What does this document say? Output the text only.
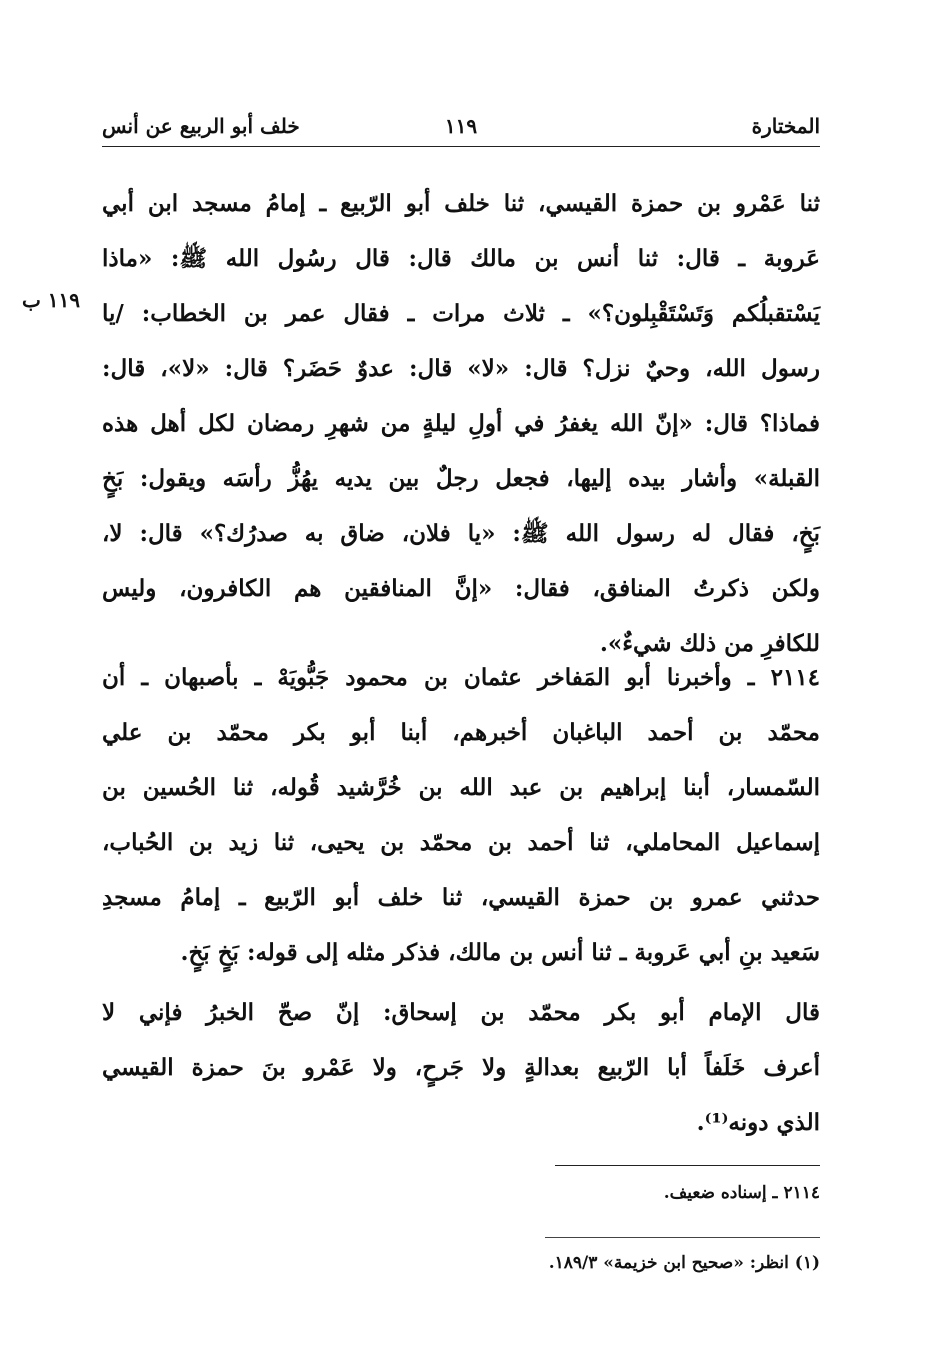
المختارة
١١٩
خلف أبو الربيع عن أنس
١١٩ ب
ثنا عَمْرو بن حمزة القيسي، ثنا خلف أبو الرّبيع ـ إمامُ مسجد ابن أبي
عَروبة ـ قال: ثنا أنس بن مالك قال: قال رسُول الله ﷺ: «ماذا
يَسْتقبلُكم وَتَسْتَقْبِلون؟» ـ ثلاث مرات ـ فقال عمر بن الخطاب: /يا
رسول الله، وحيٌ نزل؟ قال: «لا» قال: عدوٌ حَضَر؟ قال: «لا»، قال:
فماذا؟ قال: «إنّ الله يغفرُ في أولِ ليلةٍ من شهرِ رمضان لكل أهل هذه
القبلة» وأشار بيده إليها، فجعل رجلٌ بين يديه يهُزُّ رأسَه ويقول: بَخٍ
بَخٍ، فقال له رسول الله ﷺ: «يا فلان، ضاق به صدرُك؟» قال: لا،
ولكن ذكرتُ المنافق، فقال: «إنَّ المنافقين هم الكافرون، وليس
للكافرِ من ذلك شيءٌ».
٢١١٤ ـ وأخبرنا أبو المَفاخر عثمان بن محمود جَبُّويَهْ ـ بأصبهان ـ أن
محمّد بن أحمد الباغبان أخبرهم، أبنا أبو بكر محمّد بن علي
السّمسار، أبنا إبراهيم بن عبد الله بن خُرَّشيد قُوله، ثنا الحُسين بن
إسماعيل المحاملي، ثنا أحمد بن محمّد بن يحيى، ثنا زيد بن الحُباب،
حدثني عمرو بن حمزة القيسي، ثنا خلف أبو الرّبيع ـ إمامُ مسجدِ
سَعيد بنِ أبي عَروبة ـ ثنا أنس بن مالك، فذكر مثله إلى قوله: بَخٍ بَخٍ.
قال الإمام أبو بكر محمّد بن إسحاق: إنّ صحّ الخبرُ فإني لا
أعرف خَلَفاً أبا الرّبيع بعدالةٍ ولا جَرحٍ، ولا عَمْرو بنَ حمزة القيسي
الذي دونه⁽¹⁾.
٢١١٤ ـ إسناده ضعيف.
(١) انظر: «صحيح ابن خزيمة» ١٨٩/٣.
